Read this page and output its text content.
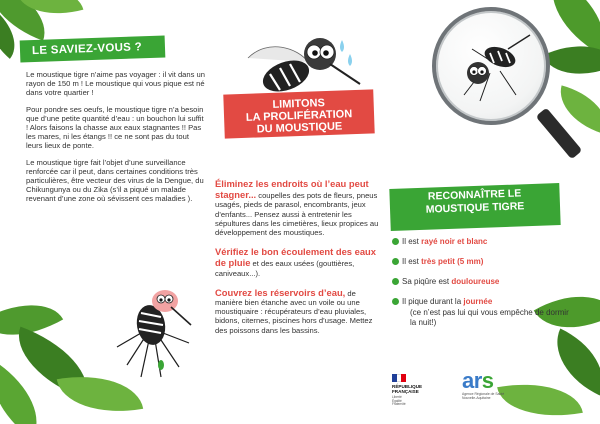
LE SAVIEZ-VOUS ?

Le moustique tigre n’aime pas voyager : il vit dans un rayon de 150 m ! Le moustique qui vous pique est né dans votre quartier !

Pour pondre ses oeufs, le moustique tigre n’a besoin que d’une petite quantité d’eau : un bouchon lui suffit ! Alors faisons la chasse aux eaux stagnantes !! Pas les mares, ni les étangs !! ce ne sont pas du tout leurs lieux de ponte.

Le moustique tigre fait l’objet d’une surveillance renforcée car il peut, dans certaines conditions très particulières, être vecteur des virus de la Dengue, du Chikungunya ou du Zika (s’il a piqué un malade revenant d’une zone où sévissent ces maladies ).

LIMITONS
LA PROLIFÉRATION
DU MOUSTIQUE
Éliminez les endroits où l’eau peut stagner... coupelles des pots de fleurs, pneus usagés, pieds de parasol, encombrants, jeux d’enfants... Pensez aussi à entretenir les sépultures dans les cimetières, lieux propices au développement des moustiques.
Vérifiez le bon écoulement des eaux de pluie et des eaux usées (gouttières, caniveaux...).
Couvrez les réservoirs d’eau, de manière bien étanche avec un voile ou une moustiquaire : récupérateurs d’eau pluviales, bidons, citernes, piscines hors d’usage. Mettez des poissons dans les bassins.
RECONNAÎTRE LE
MOUSTIQUE TIGRE
Il est rayé noir et blanc
Il est très petit (5 mm)
Sa piqûre est douloureuse
Il pique durant la journée
(ce n’est pas lui qui vous empêche de dormir la nuit!)
RÉPUBLIQUE
FRANÇAISE
Liberté
Égalité
Fraternité
ars
Agence Régionale de Santé
Nouvelle-Aquitaine
